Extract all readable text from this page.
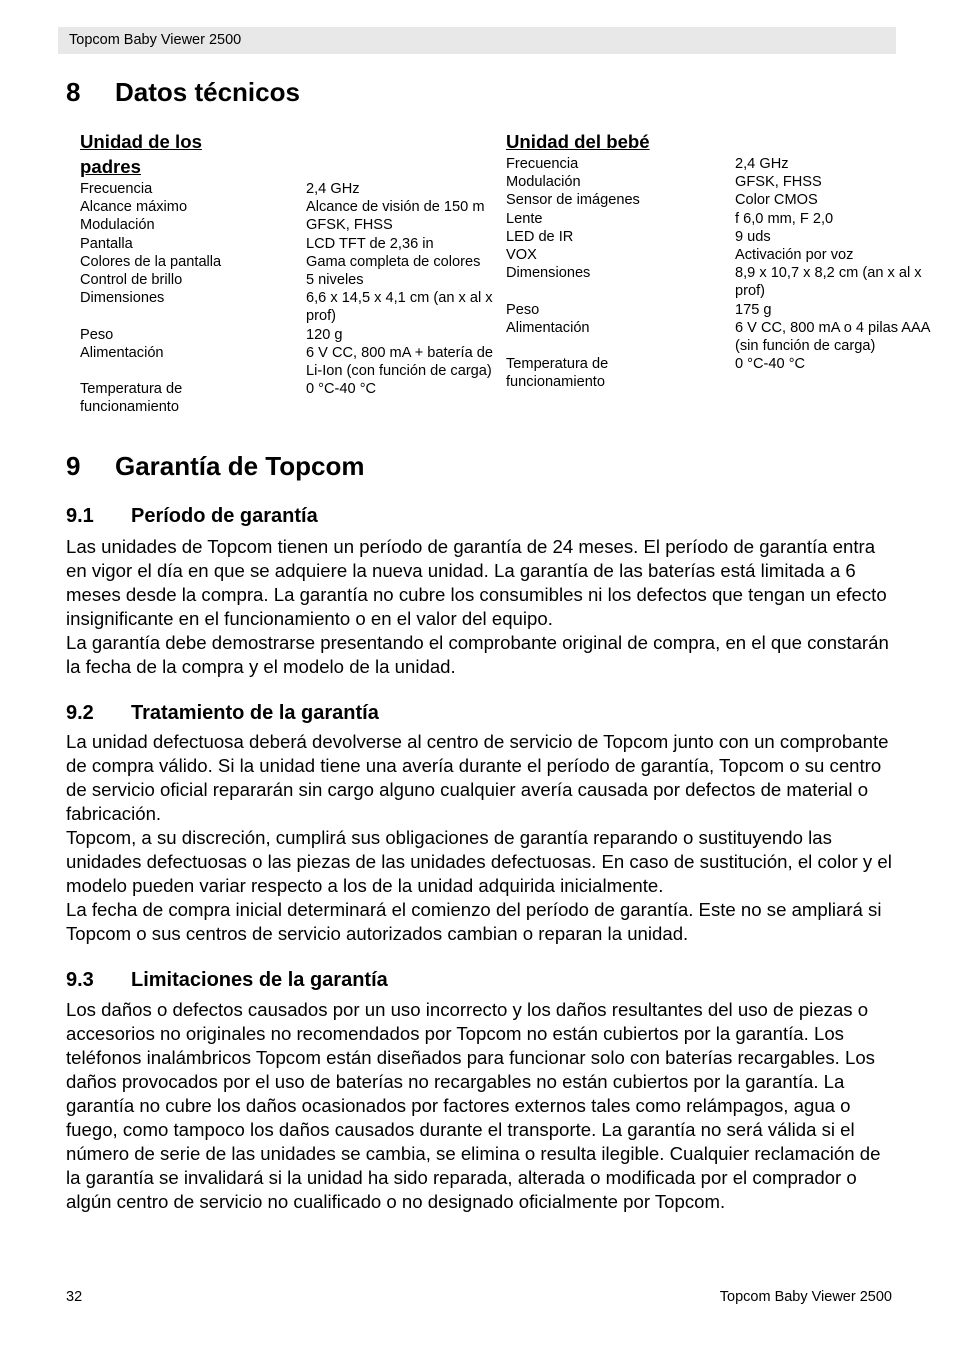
Topcom Baby Viewer 2500
8 Datos técnicos
Unidad de los padres
Frecuencia	2,4 GHz
Alcance máximo	Alcance de visión de 150 m
Modulación	GFSK, FHSS
Pantalla	LCD TFT de 2,36 in
Colores de la pantalla	Gama completa de colores
Control de brillo	5 niveles
Dimensiones	6,6 x 14,5 x 4,1 cm (an x al x prof)
Peso	120 g
Alimentación	6 V CC, 800 mA + batería de Li-Ion (con función de carga)
Temperatura de funcionamiento	0 °C-40 °C
Unidad del bebé
Frecuencia	2,4 GHz
Modulación	GFSK, FHSS
Sensor de imágenes	Color CMOS
Lente	f 6,0 mm, F 2,0
LED de IR	9 uds
VOX	Activación por voz
Dimensiones	8,9 x 10,7 x 8,2 cm (an x al x prof)
Peso	175 g
Alimentación	6 V CC, 800 mA o 4 pilas AAA (sin función de carga)
Temperatura de funcionamiento	0 °C-40 °C
9 Garantía de Topcom
9.1 Período de garantía

Las unidades de Topcom tienen un período de garantía de 24 meses. El período de garantía entra en vigor el día en que se adquiere la nueva unidad. La garantía de las baterías está limitada a 6 meses desde la compra. La garantía no cubre los consumibles ni los defectos que tengan un efecto insignificante en el funcionamiento o en el valor del equipo.

La garantía debe demostrarse presentando el comprobante original de compra, en el que constarán la fecha de la compra y el modelo de la unidad.

9.2 Tratamiento de la garantía

La unidad defectuosa deberá devolverse al centro de servicio de Topcom junto con un comprobante de compra válido. Si la unidad tiene una avería durante el período de garantía, Topcom o su centro de servicio oficial repararán sin cargo alguno cualquier avería causada por defectos de material o fabricación.

Topcom, a su discreción, cumplirá sus obligaciones de garantía reparando o sustituyendo las unidades defectuosas o las piezas de las unidades defectuosas. En caso de sustitución, el color y el modelo pueden variar respecto a los de la unidad adquirida inicialmente.

La fecha de compra inicial determinará el comienzo del período de garantía. Este no se ampliará si Topcom o sus centros de servicio autorizados cambian o reparan la unidad.

9.3 Limitaciones de la garantía

Los daños o defectos causados por un uso incorrecto y los daños resultantes del uso de piezas o accesorios no originales no recomendados por Topcom no están cubiertos por la garantía. Los teléfonos inalámbricos Topcom están diseñados para funcionar solo con baterías recargables. Los daños provocados por el uso de baterías no recargables no están cubiertos por la garantía. La garantía no cubre los daños ocasionados por factores externos tales como relámpagos, agua o fuego, como tampoco los daños causados durante el transporte. La garantía no será válida si el número de serie de las unidades se cambia, se elimina o resulta ilegible. Cualquier reclamación de la garantía se invalidará si la unidad ha sido reparada, alterada o modificada por el comprador o algún centro de servicio no cualificado o no designado oficialmente por Topcom.

32	Topcom Baby Viewer 2500
